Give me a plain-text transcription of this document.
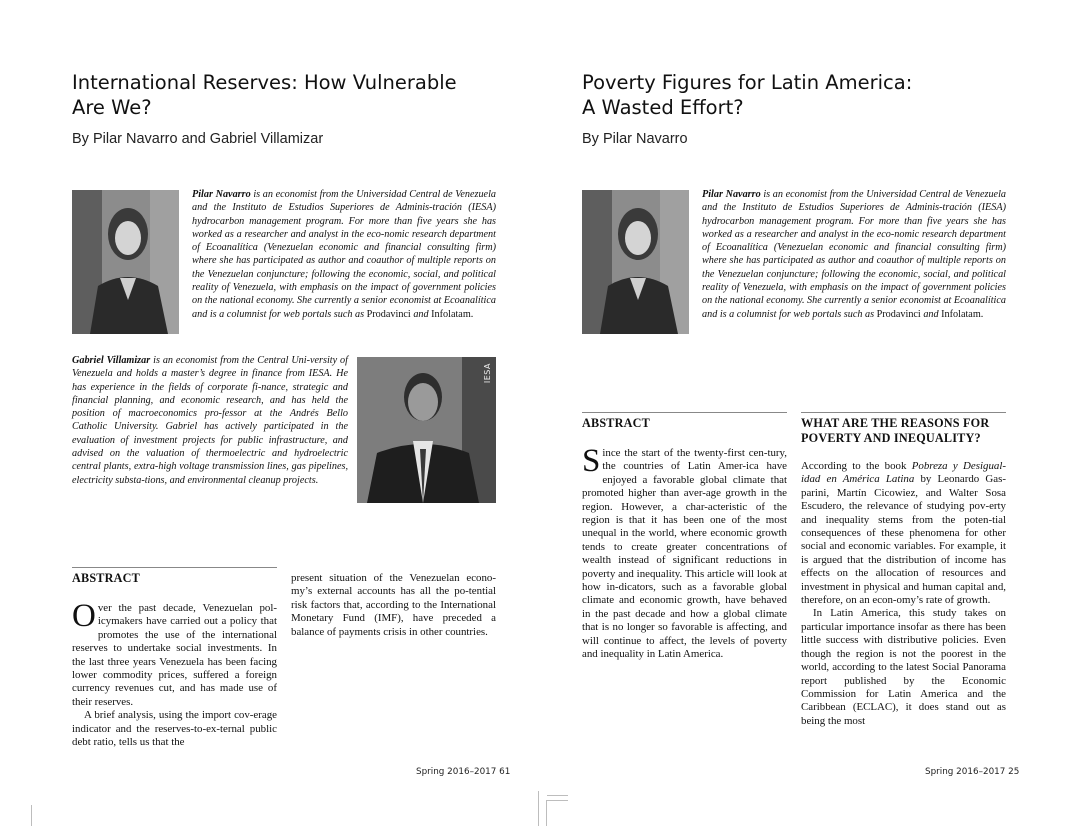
International Reserves: How Vulnerable
Are We?
By Pilar Navarro and Gabriel Villamizar
Pilar Navarro is an economist from the Universidad Central de Venezuela and the Instituto de Estudios Superiores de Adminis-tración (IESA) hydrocarbon management program. For more than five years she has worked as a researcher and analyst in the eco-nomic research department of Ecoanalítica (Venezuelan economic and financial consulting firm) where she has participated as author and coauthor of multiple reports on the Venezuelan conjuncture; following the economic, social, and political reality of Venezuela, with emphasis on the impact of government policies on the national economy. She currently a senior economist at Ecoanalítica and is a columnist for web portals such as Prodavinci and Infolatam.
Gabriel Villamizar is an economist from the Central Uni-versity of Venezuela and holds a master’s degree in finance from IESA. He has experience in the fields of corporate fi-nance, strategic and financial planning, and economic research, and has held the position of macroeconomics pro-fessor at the Andrés Bello Catholic University. Gabriel has actively participated in the evaluation of investment projects for public infrastructure, and advised on the valuation of thermoelectric and hydroelectric central plants, extra-high voltage transmission lines, gas pipelines, electricity substa-tions, and environmental cleanup projects.
IESA
ABSTRACT

Over the past decade, Venezuelan pol-icymakers have carried out a policy that promotes the use of the international reserves to undertake social investments. In the last three years Venezuela has been facing lower commodity prices, suffered a foreign currency revenues cut, and has made use of their reserves.

A brief analysis, using the import cov-erage indicator and the reserves-to-ex-ternal public debt ratio, tells us that the

present situation of the Venezuelan econo-my’s external accounts has all the po-tential risk factors that, according to the International Monetary Fund (IMF), have preceded a balance of payments crisis in other countries.
Spring 2016–2017 61
Poverty Figures for Latin America:
A Wasted Effort?
By Pilar Navarro
Pilar Navarro is an economist from the Universidad Central de Venezuela and the Instituto de Estudios Superiores de Adminis-tración (IESA) hydrocarbon management program. For more than five years she has worked as a researcher and analyst in the eco-nomic research department of Ecoanalítica (Venezuelan economic and financial consulting firm) where she has participated as author and coauthor of multiple reports on the Venezuelan conjuncture; following the economic, social, and political reality of Venezuela, with emphasis on the impact of government policies on the national economy. She currently a senior economist at Ecoanalítica and is a columnist for web portals such as Prodavinci and Infolatam.
ABSTRACT

Since the start of the twenty-first cen-tury, the countries of Latin Amer-ica have enjoyed a favorable global climate that promoted higher than aver-age growth in the region. However, a char-acteristic of the region is that it has been one of the most unequal in the world, where economic growth tends to create greater concentrations of wealth instead of significant reductions in poverty and inequality. This article will look at how in-dicators, such as a favorable global climate and economic growth, have behaved in the past decade and how a global climate that is no longer so favorable is affecting, and will continue to affect, the levels of poverty and inequality in Latin America.

WHAT ARE THE REASONS FOR
POVERTY AND INEQUALITY?

According to the book Pobreza y Desigual-idad en América Latina by Leonardo Gas-parini, Martín Cicowiez, and Walter Sosa Escudero, the relevance of studying pov-erty and inequality stems from the poten-tial consequences of these phenomena for other social and economic variables. For example, it is argued that the distribution of income has effects on the allocation of resources and investment in physical and human capital and, therefore, on an econ-omy’s rate of growth.

In Latin America, this study takes on particular importance insofar as there has been little success with distributive policies. Even though the region is not the poorest in the world, according to the latest Social Panorama report published by the Economic Commission for Latin America and the Caribbean (ECLAC), it does stand out as being the most

Spring 2016–2017 25
